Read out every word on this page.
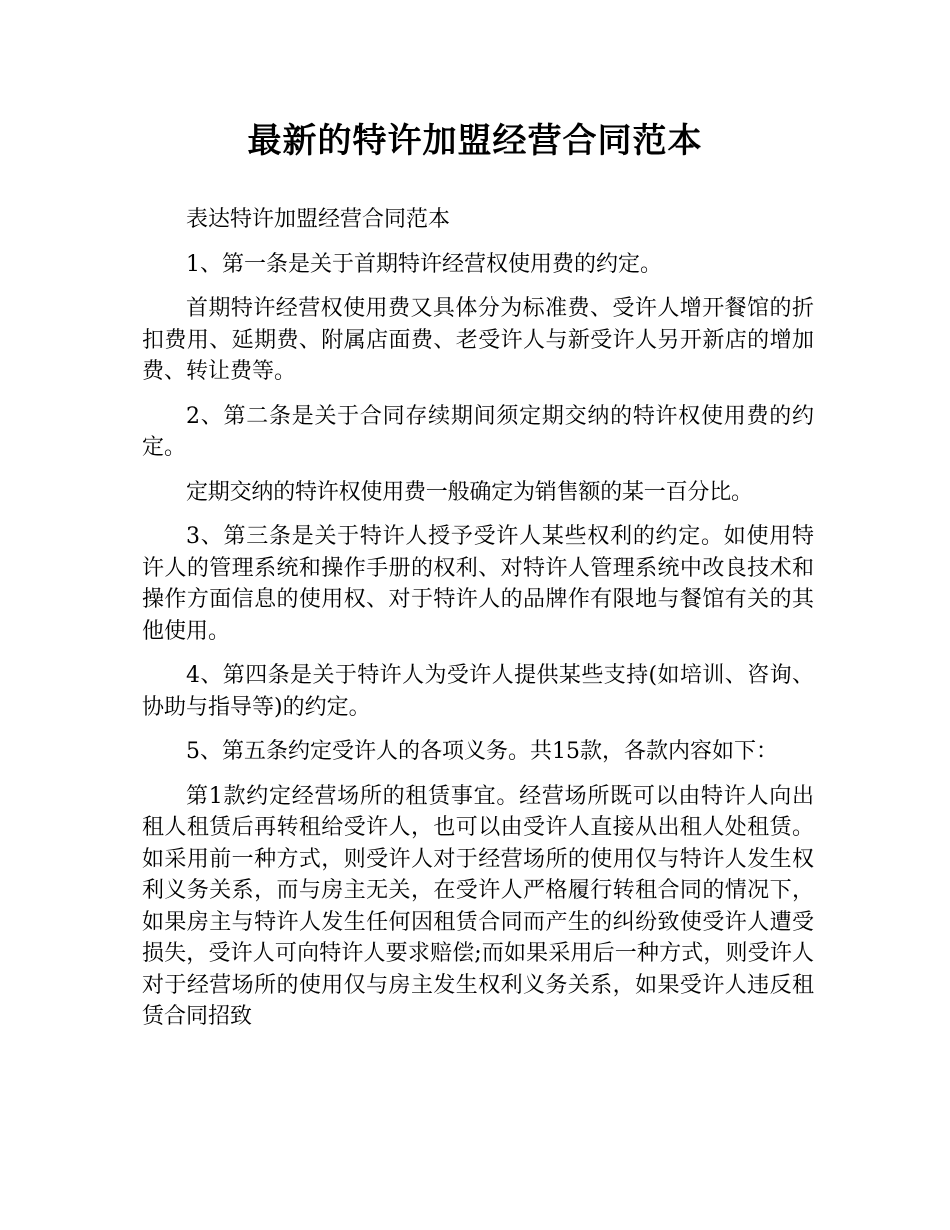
最新的特许加盟经营合同范本

表达特许加盟经营合同范本

1、第一条是关于首期特许经营权使用费的约定。

首期特许经营权使用费又具体分为标准费、受许人增开餐馆的折扣费用、延期费、附属店面费、老受许人与新受许人另开新店的增加费、转让费等。

2、第二条是关于合同存续期间须定期交纳的特许权使用费的约定。

定期交纳的特许权使用费一般确定为销售额的某一百分比。

3、第三条是关于特许人授予受许人某些权利的约定。如使用特许人的管理系统和操作手册的权利、对特许人管理系统中改良技术和操作方面信息的使用权、对于特许人的品牌作有限地与餐馆有关的其他使用。

4、第四条是关于特许人为受许人提供某些支持(如培训、咨询、协助与指导等)的约定。

5、第五条约定受许人的各项义务。共15款，各款内容如下：

第1款约定经营场所的租赁事宜。经营场所既可以由特许人向出租人租赁后再转租给受许人，也可以由受许人直接从出租人处租赁。如采用前一种方式，则受许人对于经营场所的使用仅与特许人发生权利义务关系，而与房主无关，在受许人严格履行转租合同的情况下，如果房主与特许人发生任何因租赁合同而产生的纠纷致使受许人遭受损失，受许人可向特许人要求赔偿;而如果采用后一种方式，则受许人对于经营场所的使用仅与房主发生权利义务关系，如果受许人违反租赁合同招致
